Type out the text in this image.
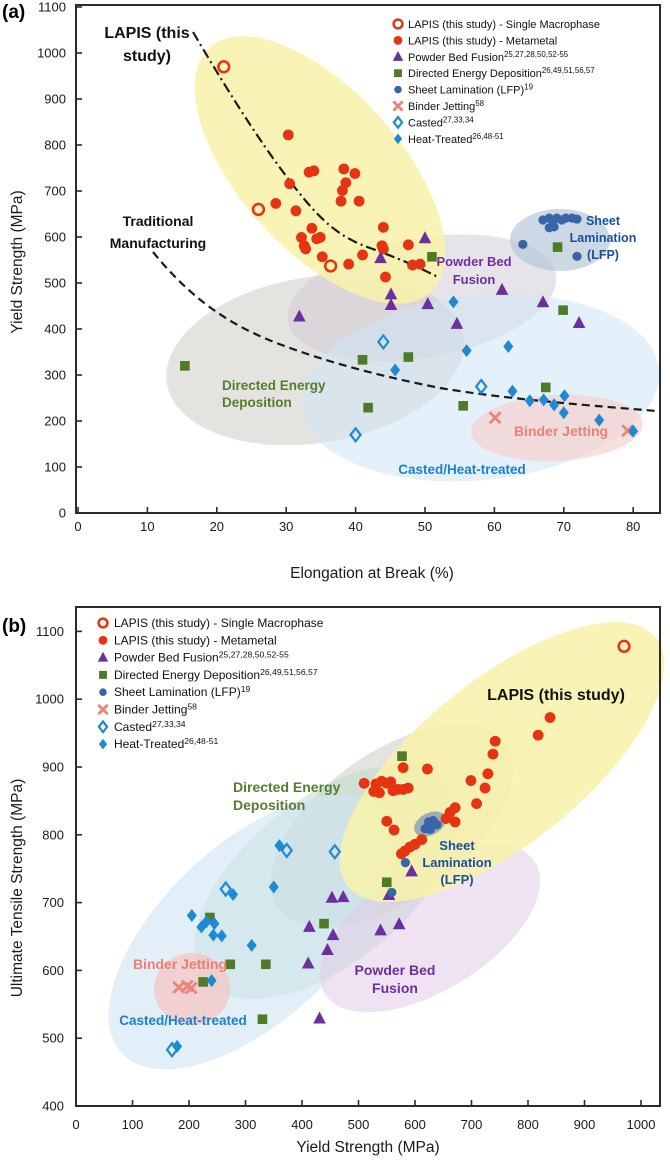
0	10	20	30	40	50	60	70	80
Elongation at Break (%)
0
100
200
300
400
500
600
700
800
900
1000
1100
Yield Strength (MPa)
LAPIS (this
study)
Traditional
Manufacturing
Powder Bed
Fusion
Sheet
Lamination
(LFP)
Directed Energy
Deposition
Binder Jetting
Casted/Heat-treated
LAPIS (this study) - Single Macrophase
LAPIS (this study) - Metametal
Powder Bed Fusion$^{25,27,28,50,52-55}$
Directed Energy Deposition$^{26,49,51,56,57}$
Sheet Lamination (LFP)$^{19}$
Binder Jetting$^{58}$
Casted$^{27,33,34}$
Heat-Treated$^{26,48-51}$
0	100	200	300	400	500	600	700	800	900 1000
Yield Strength (MPa)
400
500
600
700
800
900
1000
1100
Ultimate Tensile Strength (MPa)
LAPIS (this study)
Directed Energy
Deposition
Sheet
Lamination
(LFP)
Binder Jetting
Casted/Heat-treated
Powder Bed
Fusion
LAPIS (this study) - Single Macrophase
LAPIS (this study) - Metametal
Powder Bed Fusion$^{25,27,28,50,52-55}$
Directed Energy Deposition$^{26,49,51,56,57}$
Sheet Lamination (LFP)$^{19}$
Binder Jetting$^{58}$
Casted$^{27,33,34}$
Heat-Treated$^{26,48-51}$
(a)
(b)
